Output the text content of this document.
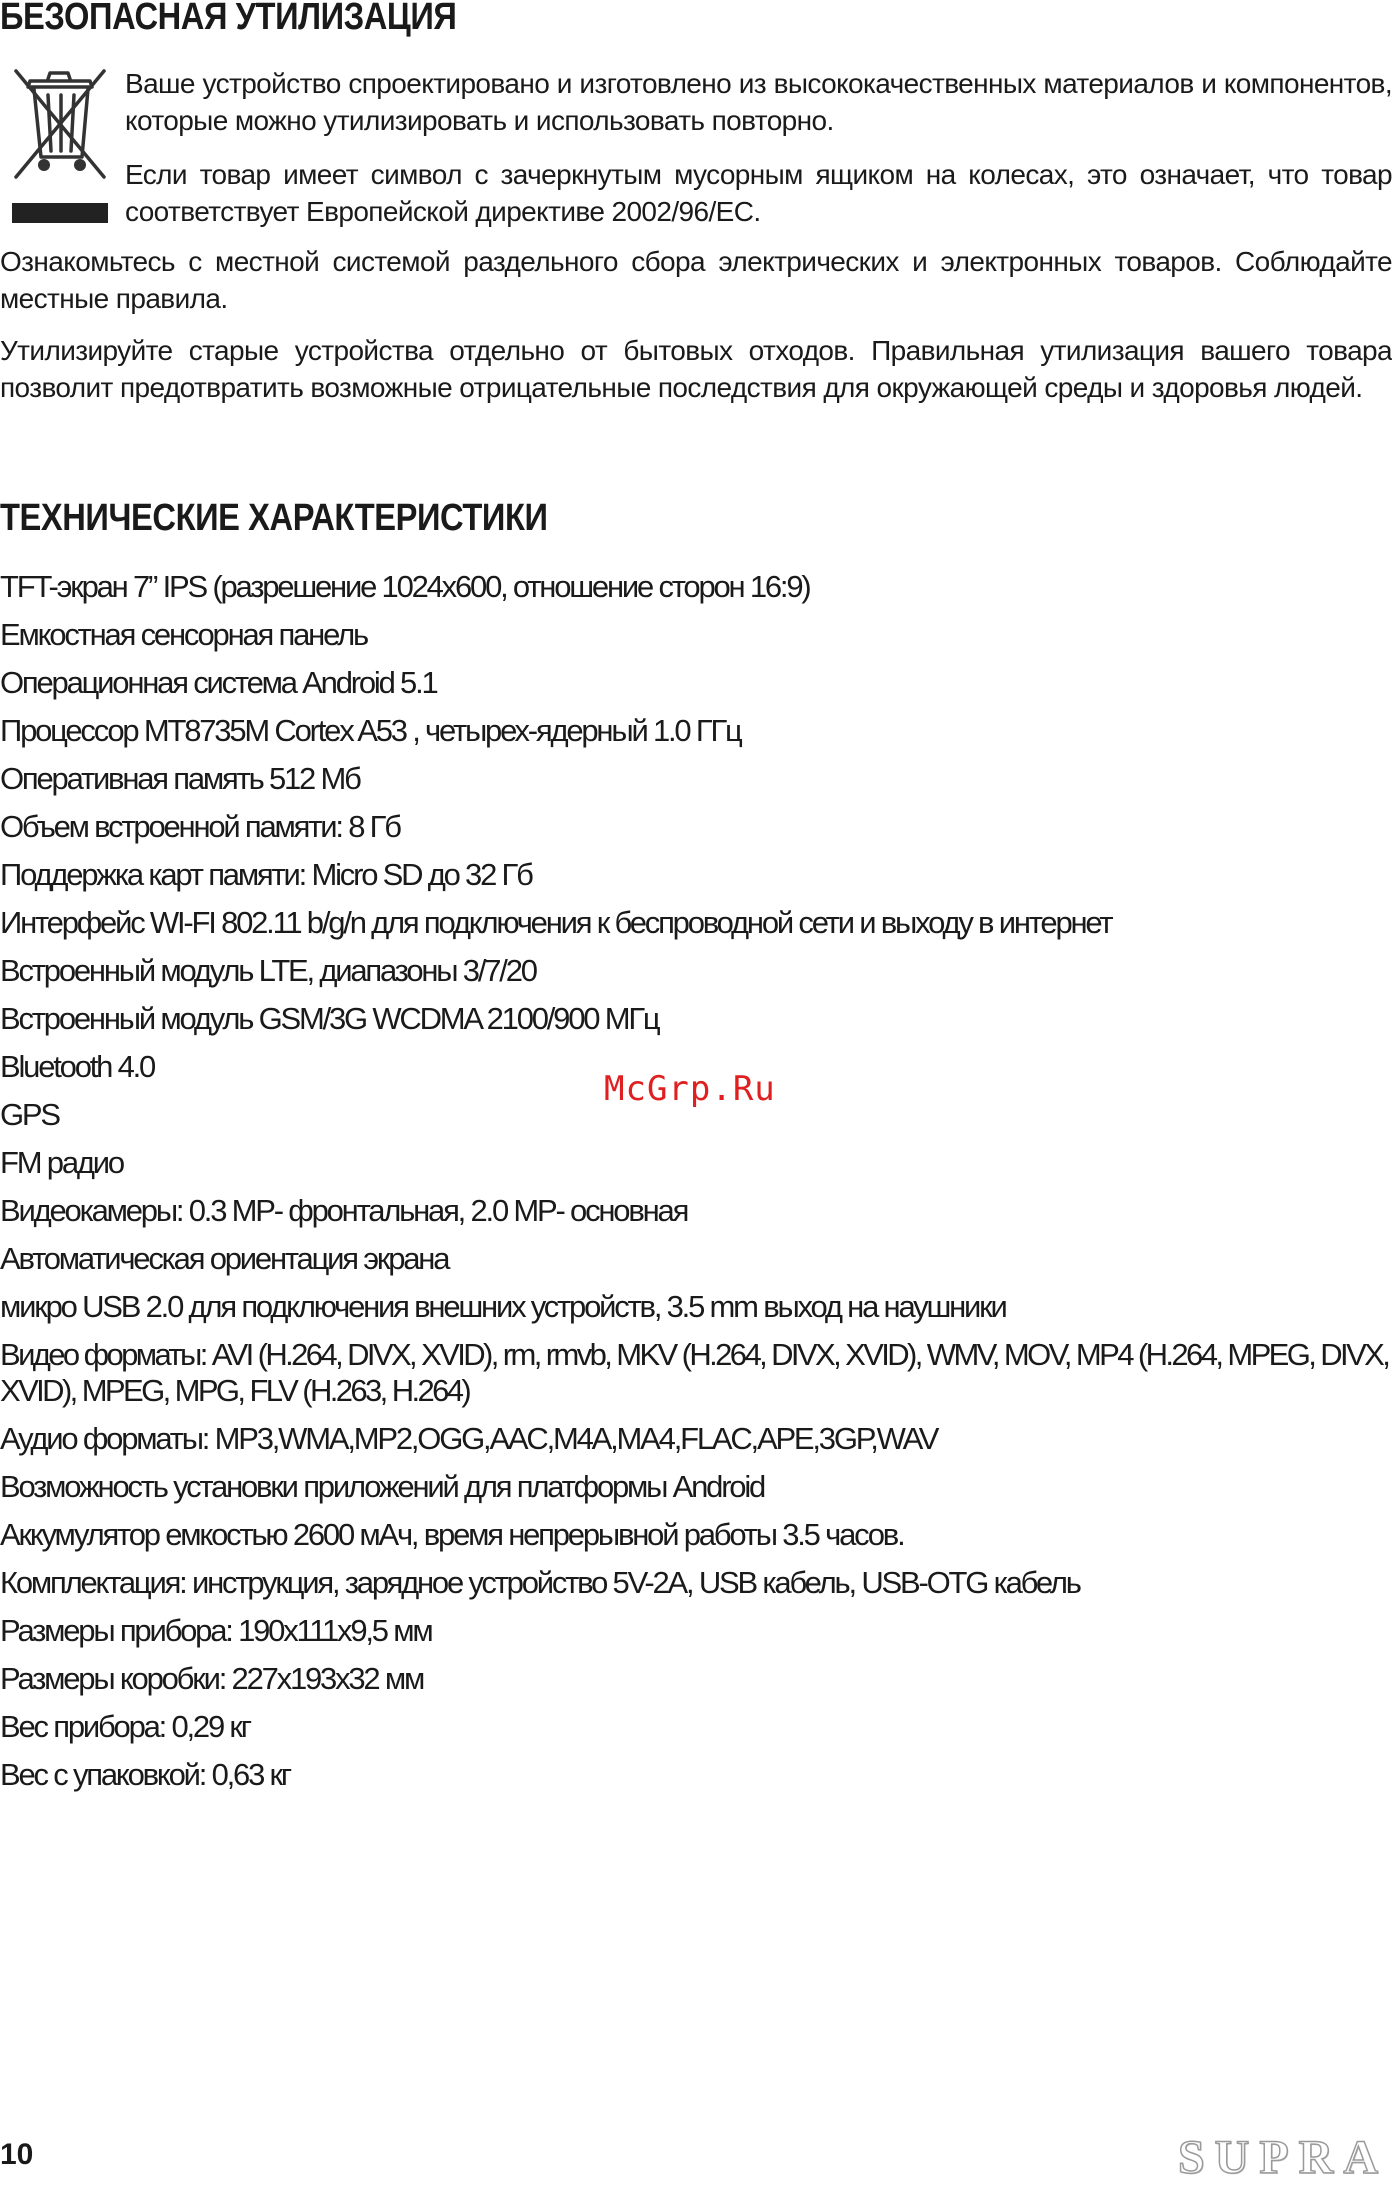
БЕЗОПАСНАЯ УТИЛИЗАЦИЯ

Ваше устройство спроектировано и изготовлено из высококачественных материалов и компонентов, которые можно утилизировать и использовать повторно.

Если товар имеет символ с зачеркнутым мусорным ящиком на колесах, это означает, что товар соответствует Европейской директиве 2002/96/EC.

Ознакомьтесь с местной системой раздельного сбора электрических и электронных товаров. Соблюдайте местные правила.

Утилизируйте старые устройства отдельно от бытовых отходов. Правильная утилизация вашего товара позволит предотвратить возможные отрицательные последствия для окружающей среды и здоровья людей.

ТЕХНИЧЕСКИЕ ХАРАКТЕРИСТИКИ
TFT-экран 7” IPS (разрешение 1024х600, отношение сторон 16:9)
Емкостная сенсорная панель
Операционная система Android 5.1
Процессор MT8735M Cortex A53 , четырех-ядерный 1.0 ГГц
Оперативная память 512 Мб
Объем встроенной памяти: 8 Гб
Поддержка карт памяти: Micro SD до 32 Гб
Интерфейс WI-FI 802.11 b/g/n для подключения к беспроводной сети и выходу в интернет
Встроенный модуль LTE, диапазоны 3/7/20
Встроенный модуль GSM/3G WCDMA 2100/900 МГц
Bluetooth 4.0
GPS
FM радио
Видеокамеры: 0.3 MP- фронтальная, 2.0 MP- основная
Автоматическая ориентация экрана
микро USB 2.0 для подключения внешних устройств, 3.5 mm выход на наушники
Видео форматы: AVI (H.264, DIVX, XVID), rm, rmvb, MKV (H.264, DIVX, XVID), WMV, MOV, MP4 (H.264, MPEG, DIVX, XVID), MPEG, MPG, FLV (H.263, H.264)
Аудио форматы: MP3,WMA,MP2,OGG,AAC,M4A,MA4,FLAC,APE,3GP,WAV
Возможность установки приложений для платформы Android
Аккумулятор емкостью 2600 мАч, время непрерывной работы 3.5 часов.
Комплектация: инструкция, зарядное устройство 5V-2A, USB кабель, USB-OTG кабель
Размеры прибора: 190х111х9,5 мм
Размеры коробки: 227х193х32 мм
Вес прибора: 0,29 кг
Вес с упаковкой: 0,63 кг
McGrp.Ru
10	SUPRA
